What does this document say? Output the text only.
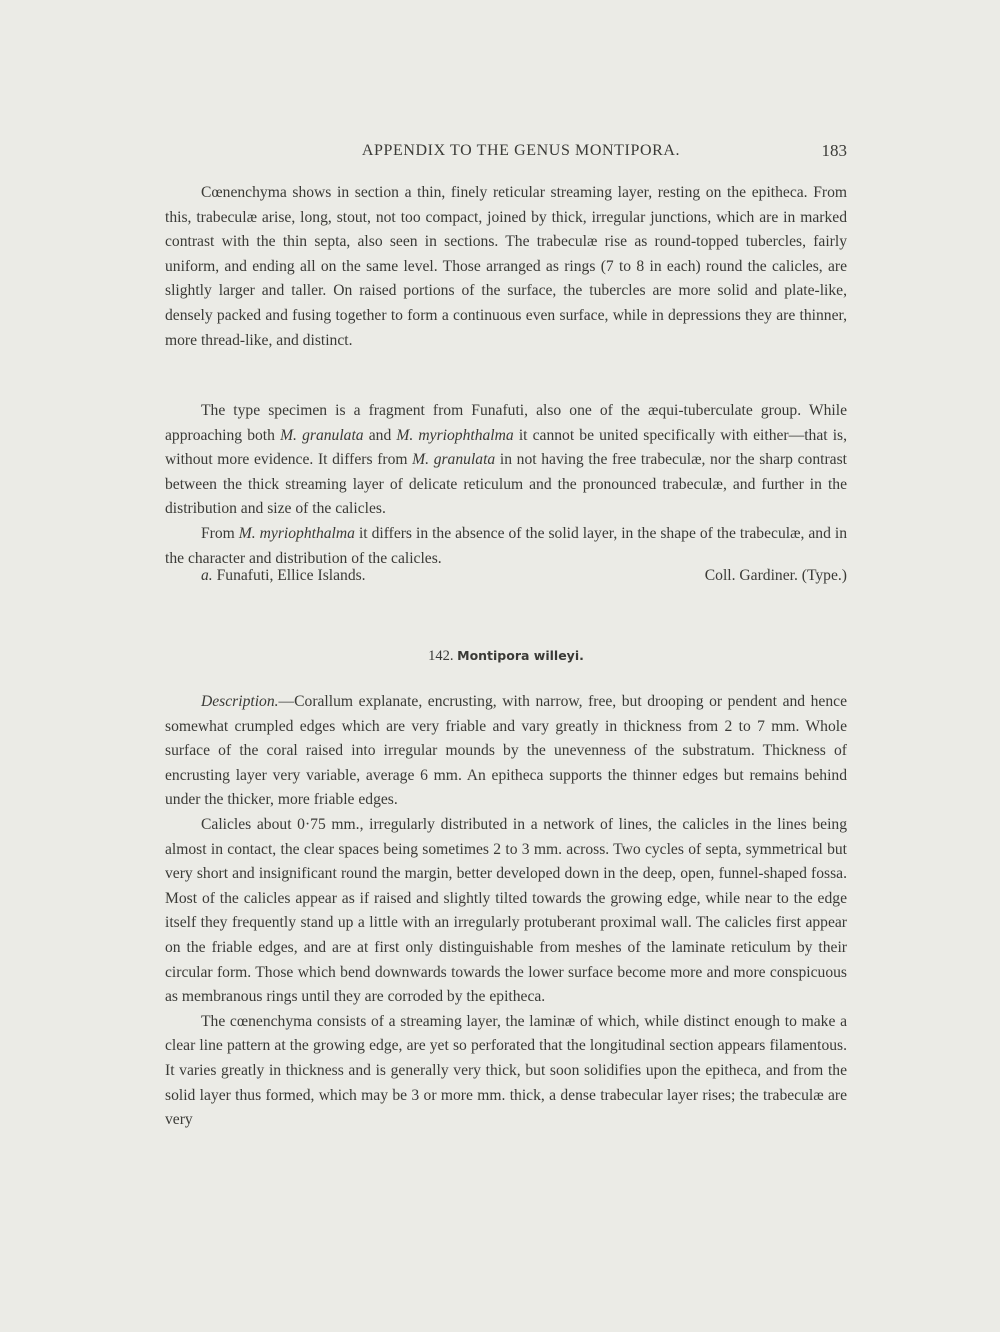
APPENDIX TO THE GENUS MONTIPORA.	183

Cœnenchyma shows in section a thin, finely reticular streaming layer, resting on the epitheca. From this, trabeculæ arise, long, stout, not too compact, joined by thick, irregular junctions, which are in marked contrast with the thin septa, also seen in sections. The trabeculæ rise as round-topped tubercles, fairly uniform, and ending all on the same level. Those arranged as rings (7 to 8 in each) round the calicles, are slightly larger and taller. On raised portions of the surface, the tubercles are more solid and plate-like, densely packed and fusing together to form a continuous even surface, while in depressions they are thinner, more thread-like, and distinct.

The type specimen is a fragment from Funafuti, also one of the æqui-tuberculate group. While approaching both M. granulata and M. myriophthalma it cannot be united specifically with either—that is, without more evidence. It differs from M. granulata in not having the free trabeculæ, nor the sharp contrast between the thick streaming layer of delicate reticulum and the pronounced trabeculæ, and further in the distribution and size of the calicles.

From M. myriophthalma it differs in the absence of the solid layer, in the shape of the trabeculæ, and in the character and distribution of the calicles.

a. Funafuti, Ellice Islands.	Coll. Gardiner. (Type.)
142. Montipora willeyi.

Description.—Corallum explanate, encrusting, with narrow, free, but drooping or pendent and hence somewhat crumpled edges which are very friable and vary greatly in thickness from 2 to 7 mm. Whole surface of the coral raised into irregular mounds by the unevenness of the substratum. Thickness of encrusting layer very variable, average 6 mm. An epitheca supports the thinner edges but remains behind under the thicker, more friable edges.

Calicles about 0·75 mm., irregularly distributed in a network of lines, the calicles in the lines being almost in contact, the clear spaces being sometimes 2 to 3 mm. across. Two cycles of septa, symmetrical but very short and insignificant round the margin, better developed down in the deep, open, funnel-shaped fossa. Most of the calicles appear as if raised and slightly tilted towards the growing edge, while near to the edge itself they frequently stand up a little with an irregularly protuberant proximal wall. The calicles first appear on the friable edges, and are at first only distinguishable from meshes of the laminate reticulum by their circular form. Those which bend downwards towards the lower surface become more and more conspicuous as membranous rings until they are corroded by the epitheca.

The cœnenchyma consists of a streaming layer, the laminæ of which, while distinct enough to make a clear line pattern at the growing edge, are yet so perforated that the longitudinal section appears filamentous. It varies greatly in thickness and is generally very thick, but soon solidifies upon the epitheca, and from the solid layer thus formed, which may be 3 or more mm. thick, a dense trabecular layer rises; the trabeculæ are very
